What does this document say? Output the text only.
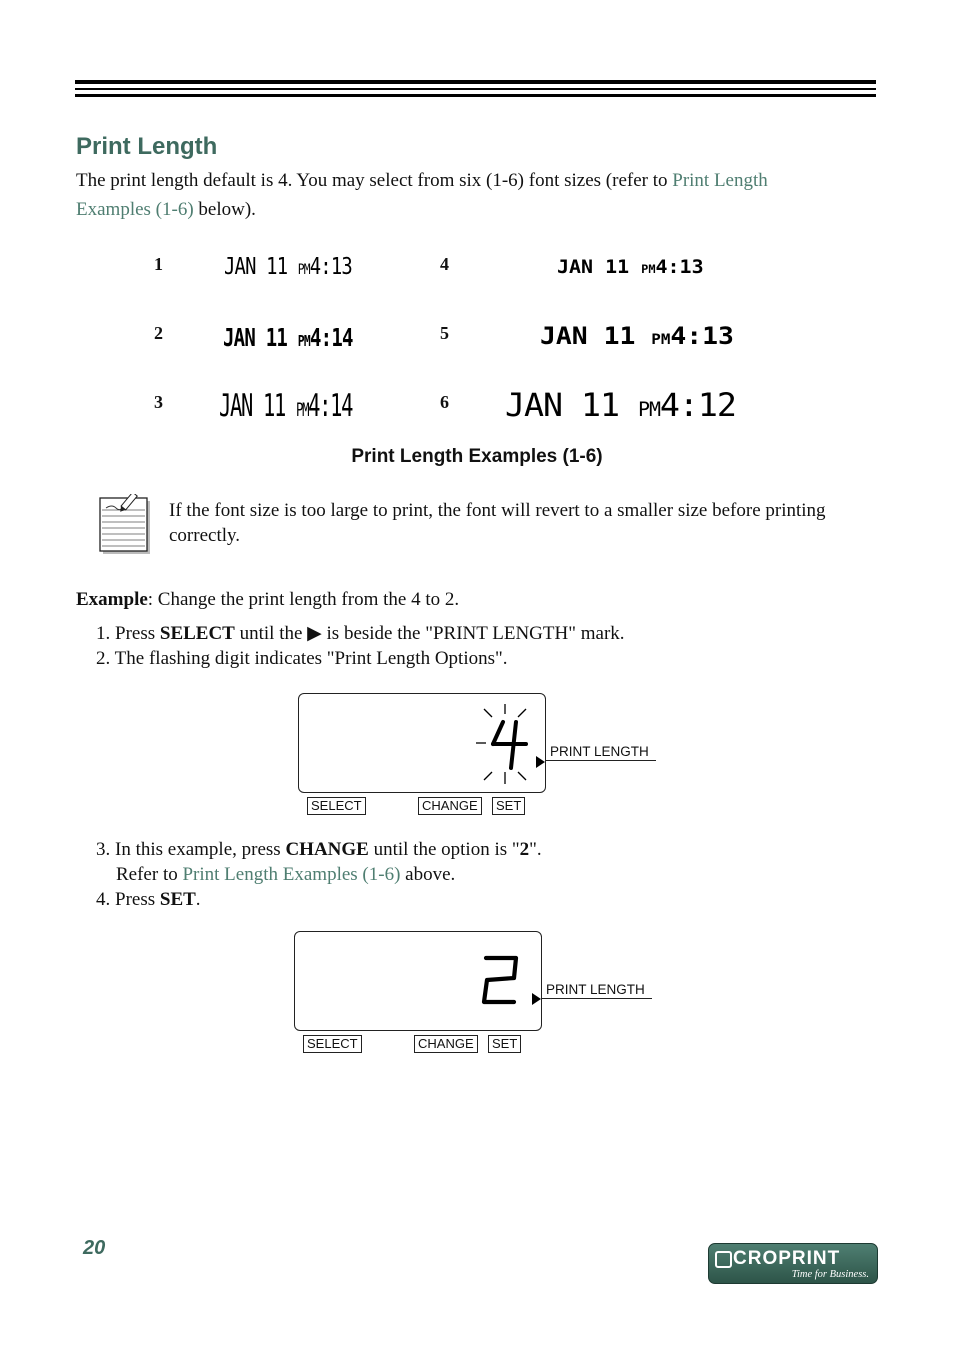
Print Length

The print length default is 4. You may select from six (1-6) font sizes (refer to Print Length Examples (1-6) below).

1	JAN 11 PM4:13
2 JAN 11 PM4:14
3 JAN 11 PM4:14
4	JAN 11 PM4:13
5	JAN 11 PM4:13
6 JAN 11 PM4:12

Print Length Examples (1-6)

If the font size is too large to print, the font will revert to a smaller size before printing correctly.

Example: Change the print length from the 4 to 2.

1. Press SELECT until the ▶ is beside the "PRINT LENGTH" mark.
2. The flashing digit indicates "Print Length Options".
PRINT LENGTH
SELECT	CHANGE	SET
3. In this example, press CHANGE until the option is "2".
Refer to Print Length Examples (1-6) above.
4. Press SET.
PRINT LENGTH
SELECT	CHANGE	SET

20	CROPRINT
Time for Business.
